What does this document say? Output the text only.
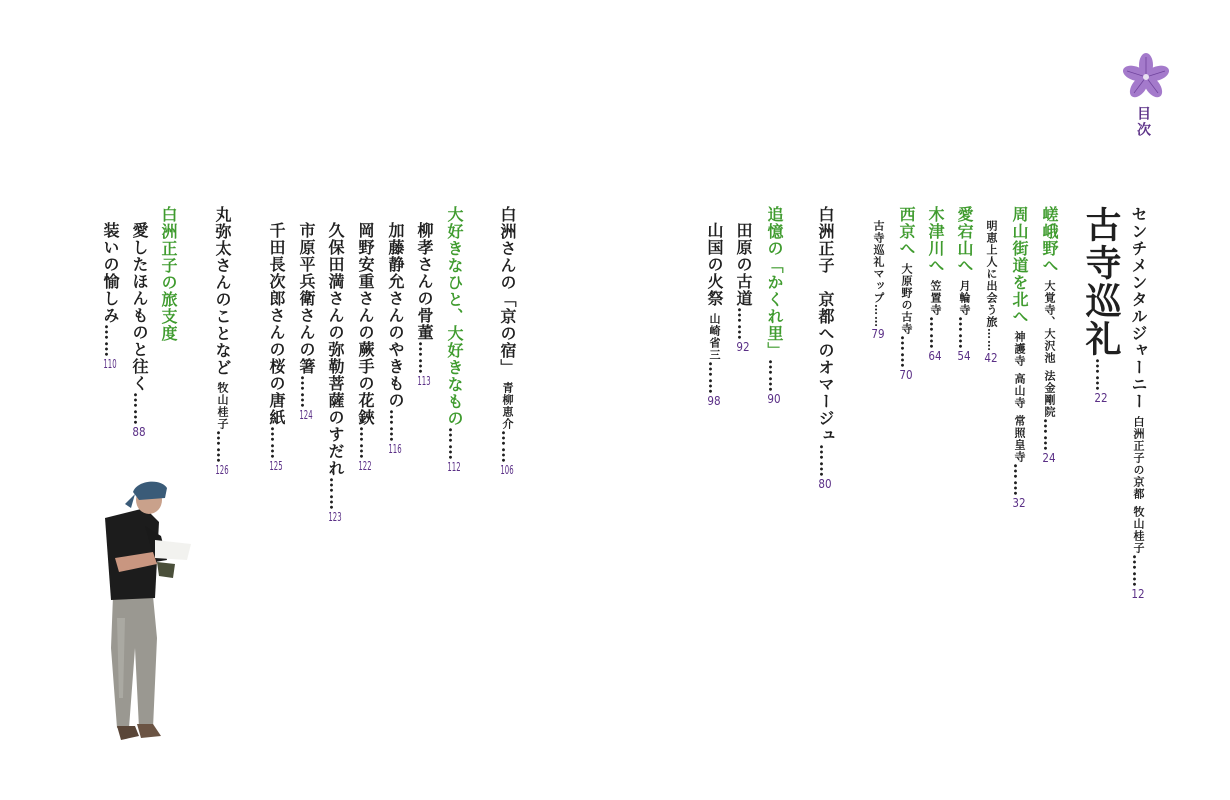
目次
センチメンタルジャーニー白洲正子の京都牧山桂子……12
古寺巡礼……22
嵯峨野へ大覚寺、大沢池法金剛院……24
周山街道を北へ神護寺高山寺常照皇寺……32
明恵上人に出会う旅……42
愛宕山へ月輪寺……54
木津川へ笠置寺……64
西京へ大原野の古寺……70
古寺巡礼マップ……79
白洲正子　京都へのオマージュ……80
追憶の「かくれ里」……90
田原の古道……92
山国の火祭山崎省三……98
白洲さんの「京の宿」青柳恵介……106
大好きなひと、大好きなもの……112
柳孝さんの骨董……113
加藤静允さんのやきもの……116
岡野安重さんの蕨手の花鋏……122
久保田満さんの弥勒菩薩のすだれ……123
市原平兵衛さんの箸……124
千田長次郎さんの桜の唐紙……125
丸弥太さんのことなど牧山桂子……126
白洲正子の旅支度
愛したほんものと往く……88
装いの愉しみ……110
